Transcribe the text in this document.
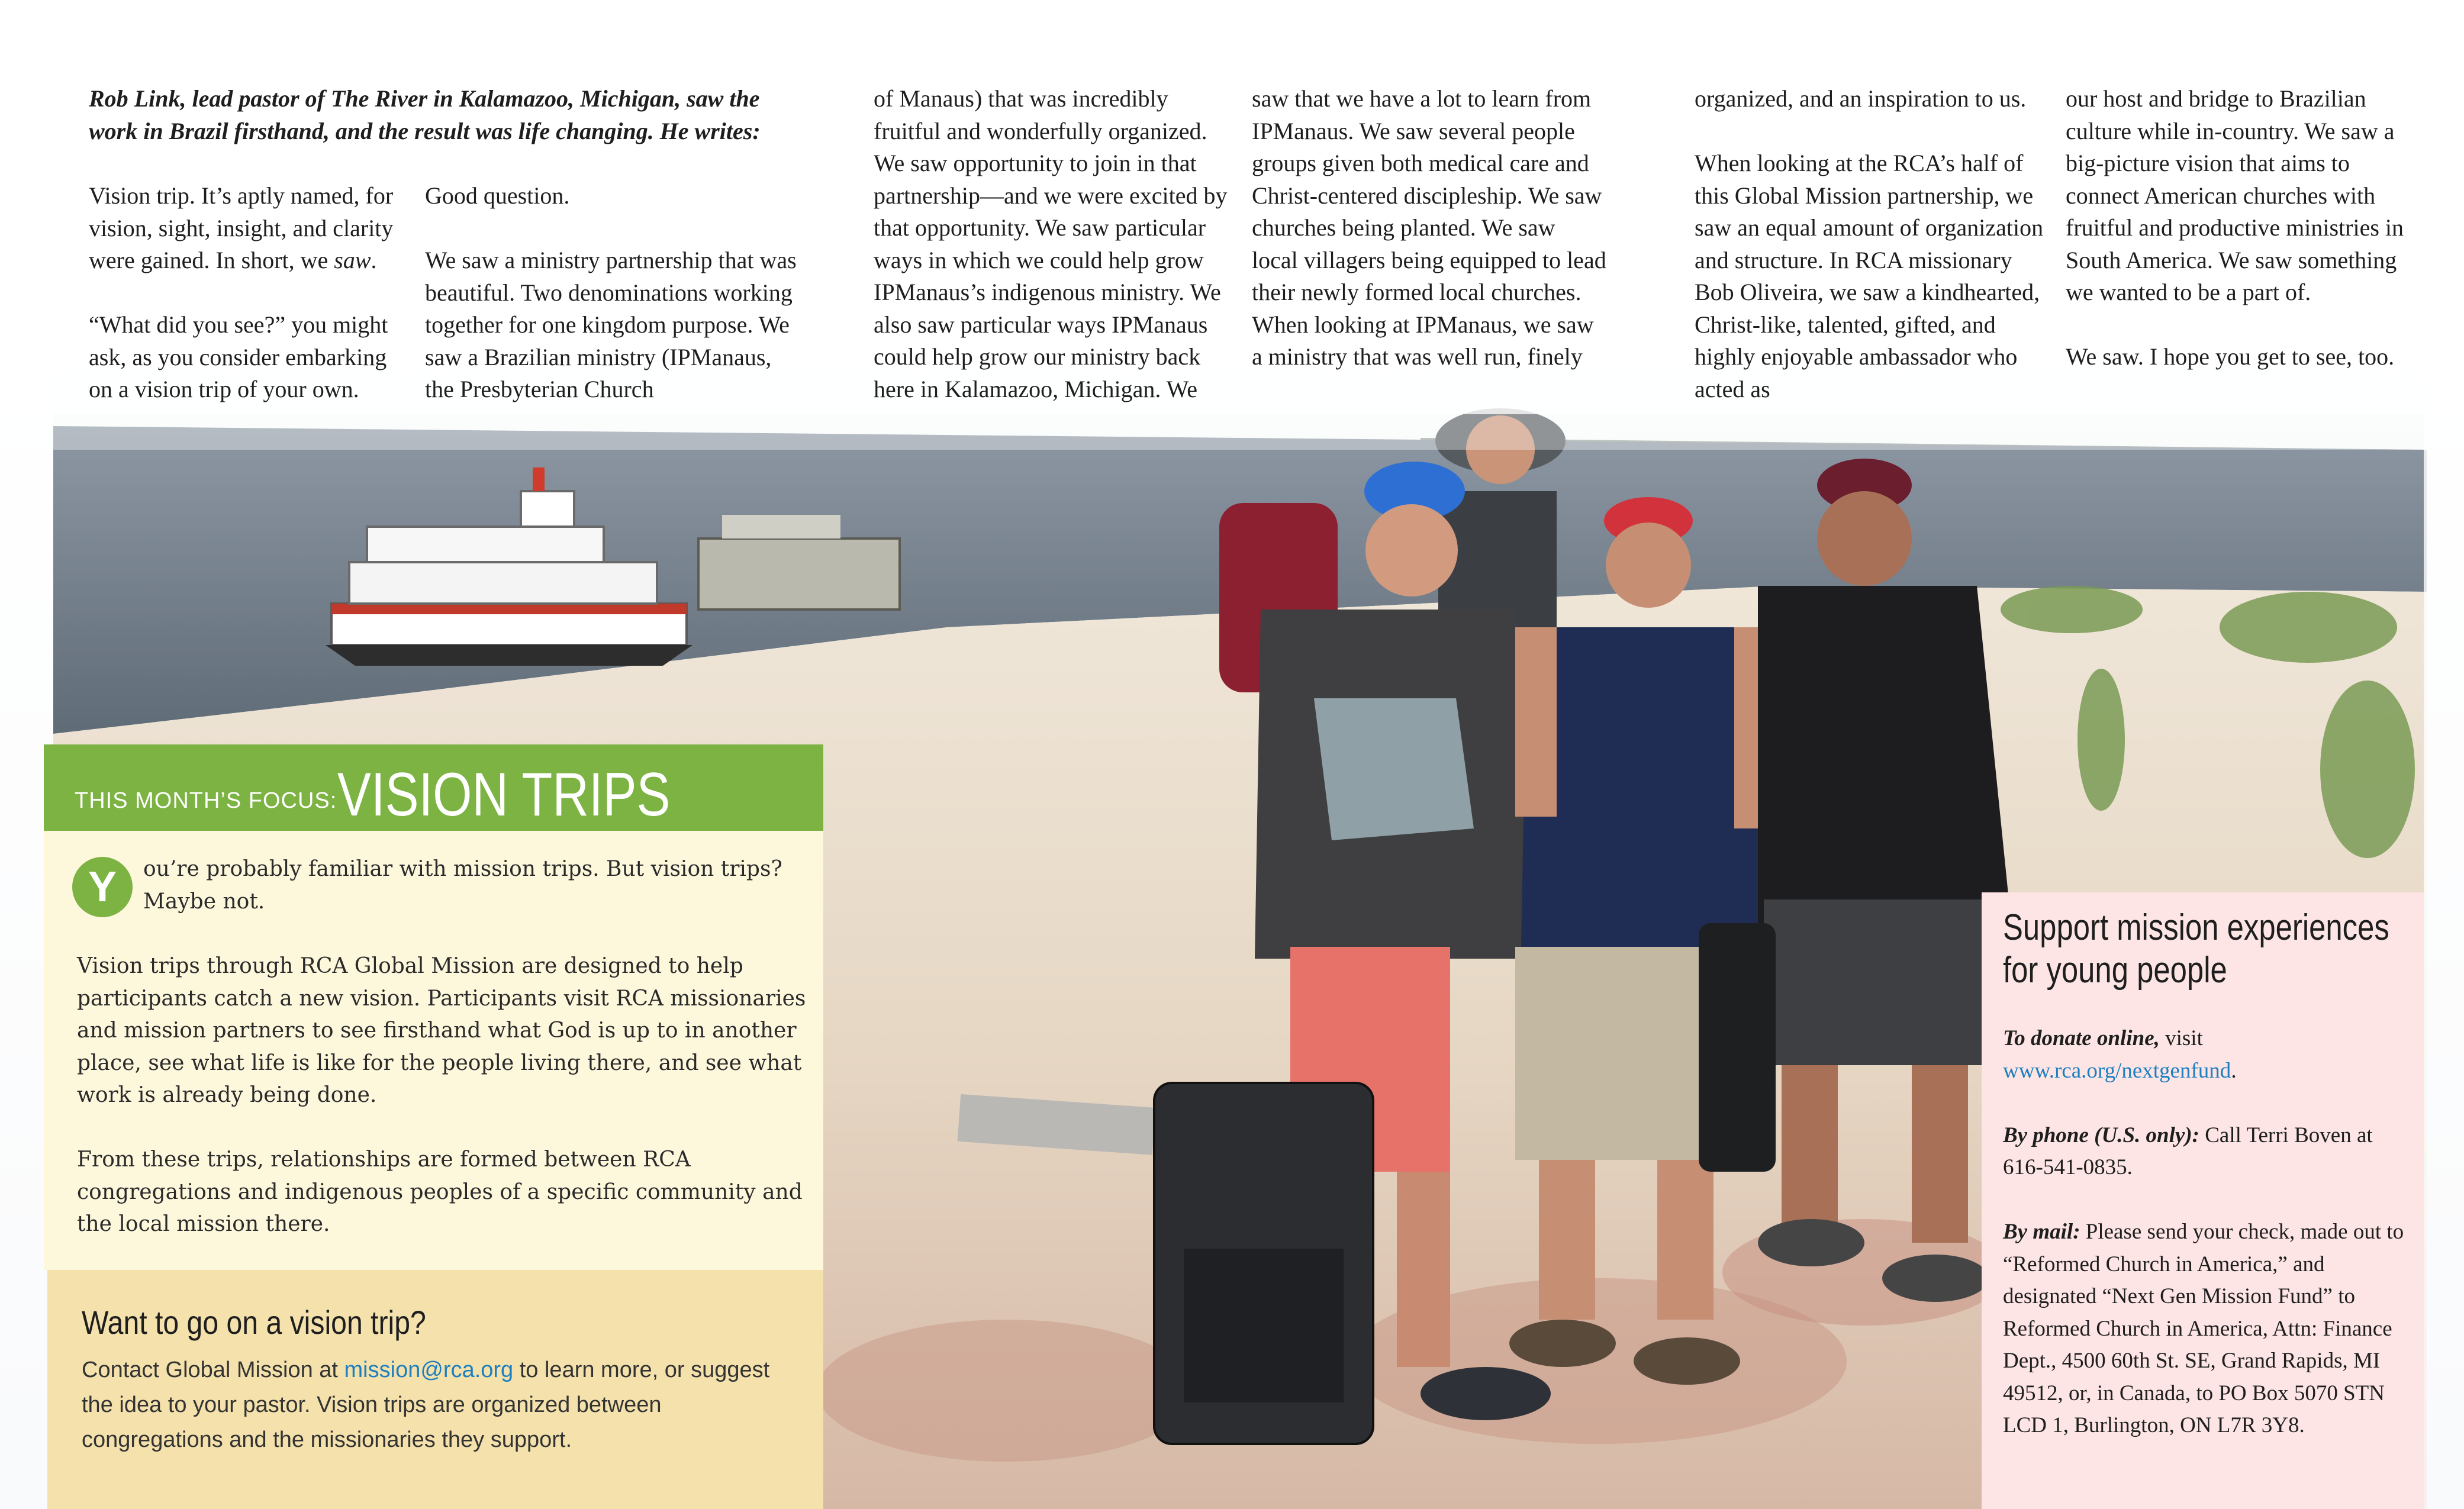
Rob Link, lead pastor of The River in Kalamazoo, Michigan, saw the work in Brazil firsthand, and the result was life changing. He writes:

Vision trip. It’s aptly named, for vision, sight, insight, and clarity were gained. In short, we saw.

“What did you see?” you might ask, as you consider embarking on a vision trip of your own.

Good question.

We saw a ministry partnership that was beautiful. Two denominations working together for one kingdom purpose. We saw a Brazilian ministry (IPManaus, the Presbyterian Church

of Manaus) that was incredibly fruitful and wonderfully organized. We saw opportunity to join in that partnership—and we were excited by that opportunity. We saw particular ways in which we could help grow IPManaus’s indigenous ministry. We also saw particular ways IPManaus could help grow our ministry back here in Kalamazoo, Michigan. We

saw that we have a lot to learn from IPManaus. We saw several people groups given both medical care and Christ-centered discipleship. We saw churches being planted. We saw local villagers being equipped to lead their newly formed local churches. When looking at IPManaus, we saw a ministry that was well run, finely

organized, and an inspiration to us.

When looking at the RCA’s half of this Global Mission partnership, we saw an equal amount of organization and structure. In RCA missionary Bob Oliveira, we saw a kindhearted, Christ-like, talented, gifted, and highly enjoyable ambassador who acted as

our host and bridge to Brazilian culture while in-country. We saw a big-picture vision that aims to connect American churches with fruitful and productive ministries in South America. We saw something we wanted to be a part of.

We saw. I hope you get to see, too.

THIS MONTH’S FOCUS: VISION TRIPS
Y	ou’re probably familiar with mission trips. But vision trips? Maybe not.
Vision trips through RCA Global Mission are designed to help participants catch a new vision. Participants visit RCA missionaries and mission partners to see firsthand what God is up to in another place, see what life is like for the people living there, and see what work is already being done.
From these trips, relationships are formed between RCA congregations and indigenous peoples of a specific community and the local mission there.
Want to go on a vision trip?
Contact Global Mission at mission@rca.org to learn more, or suggest the idea to your pastor. Vision trips are organized between congregations and the missionaries they support.
Support mission experiences
for young people

To donate online, visit
www.rca.org/nextgenfund.

By phone (U.S. only): Call Terri Boven at 616-541-0835.

By mail: Please send your check, made out to “Reformed Church in America,” and designated “Next Gen Mission Fund” to Reformed Church in America, Attn: Finance Dept., 4500 60th St. SE, Grand Rapids, MI 49512, or, in Canada, to PO Box 5070 STN LCD 1, Burlington, ON L7R 3Y8.
